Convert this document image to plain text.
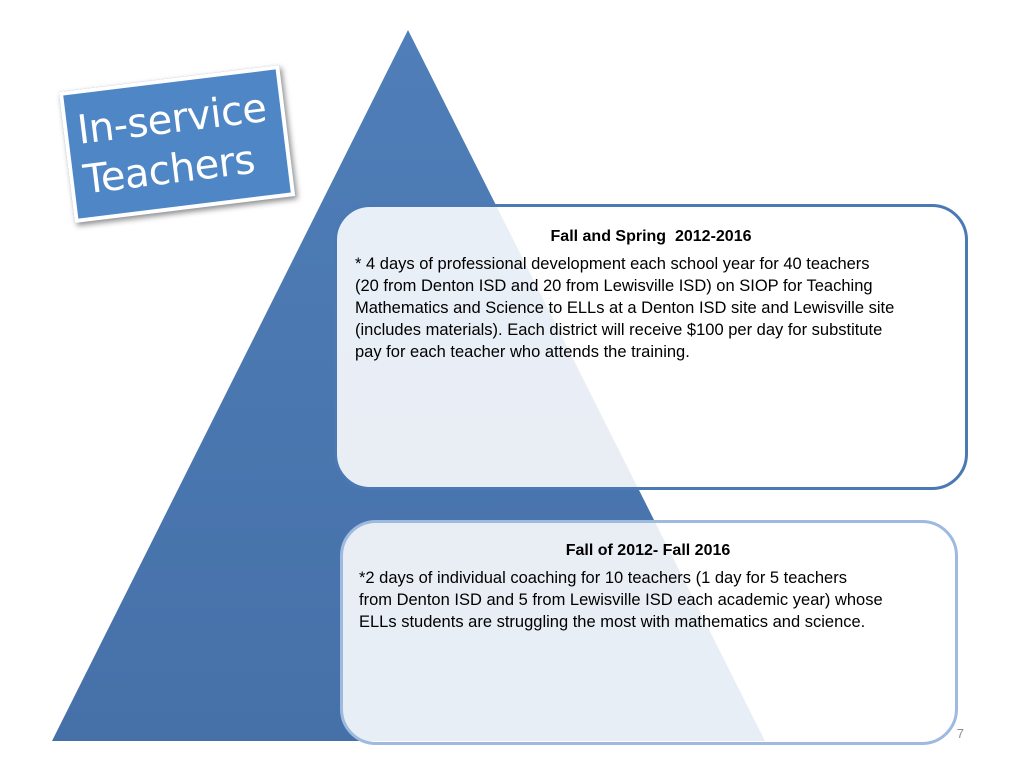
In-service
Teachers

Fall and Spring  2012-2016

* 4 days of professional development each school year for 40 teachers
(20 from Denton ISD and 20 from Lewisville ISD) on SIOP for Teaching
Mathematics and Science to ELLs at a Denton ISD site and Lewisville site
(includes materials). Each district will receive $100 per day for substitute
pay for each teacher who attends the training.

Fall of 2012- Fall 2016

*2 days of individual coaching for 10 teachers (1 day for 5 teachers
from Denton ISD and 5 from Lewisville ISD each academic year) whose
ELLs students are struggling the most with mathematics and science.

7
